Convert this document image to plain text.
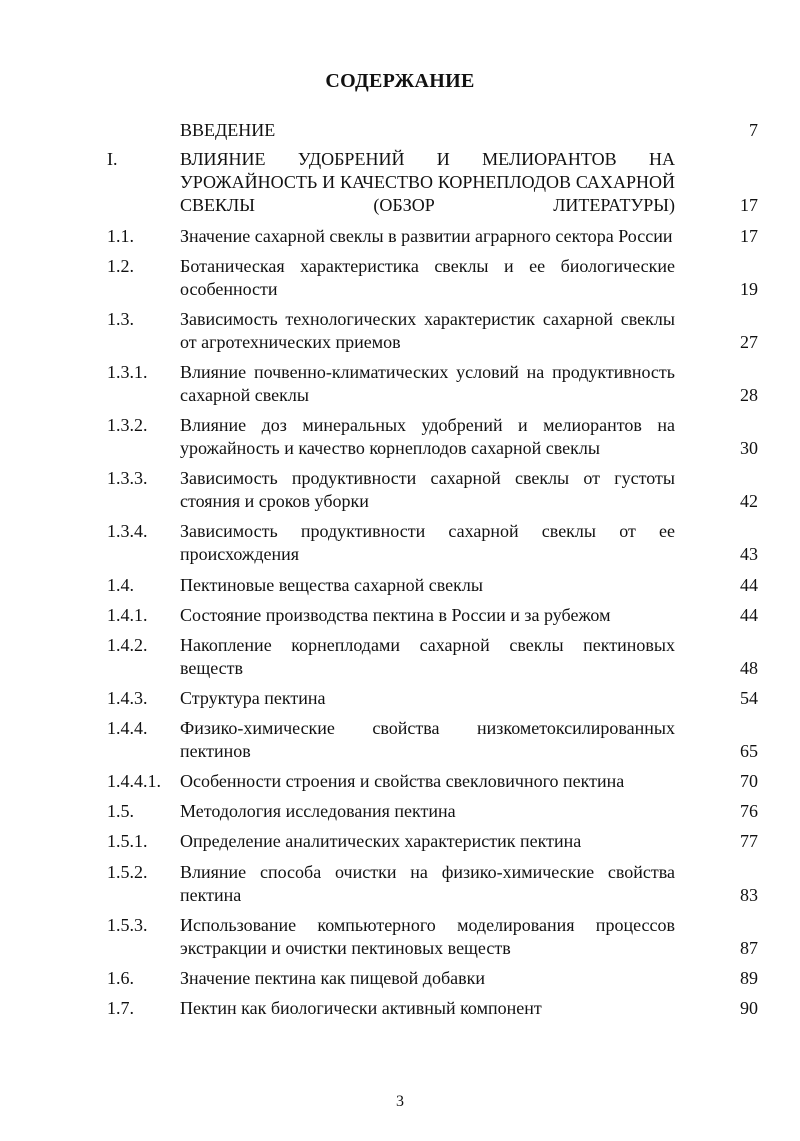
СОДЕРЖАНИЕ
ВВЕДЕНИЕ	7
I.	ВЛИЯНИЕ УДОБРЕНИЙ И МЕЛИОРАНТОВ НА УРОЖАЙНОСТЬ И КАЧЕСТВО КОРНЕПЛОДОВ САХАРНОЙ СВЕКЛЫ (ОБЗОР ЛИТЕРАТУРЫ)	17
1.1.	Значение сахарной свеклы в развитии аграрного сектора России	17
1.2.	Ботаническая характеристика свеклы и ее биологические особенности	19
1.3.	Зависимость технологических характеристик сахарной свеклы от агротехнических приемов	27
1.3.1. Влияние почвенно-климатических условий на продуктивность сахарной свеклы	28
1.3.2. Влияние доз минеральных удобрений и мелиорантов на урожайность и качество корнеплодов сахарной свеклы	30
1.3.3. Зависимость продуктивности сахарной свеклы от густоты стояния и сроков уборки	42
1.3.4. Зависимость продуктивности сахарной свеклы от ее происхождения	43
1.4.	Пектиновые вещества сахарной свеклы	44
1.4.1. Состояние производства пектина в России и за рубежом	44
1.4.2. Накопление корнеплодами сахарной свеклы пектиновых веществ	48
1.4.3. Структура пектина	54
1.4.4. Физико-химические свойства низкометоксилированных пектинов	65
1.4.4.1. Особенности строения и свойства свекловичного пектина	70
1.5.	Методология исследования пектина	76
1.5.1. Определение аналитических характеристик пектина	77
1.5.2. Влияние способа очистки на физико-химические свойства пектина	83
1.5.3. Использование компьютерного моделирования процессов экстракции и очистки пектиновых веществ	87
1.6.	Значение пектина как пищевой добавки	89
1.7.	Пектин как биологически активный компонент	90
3
